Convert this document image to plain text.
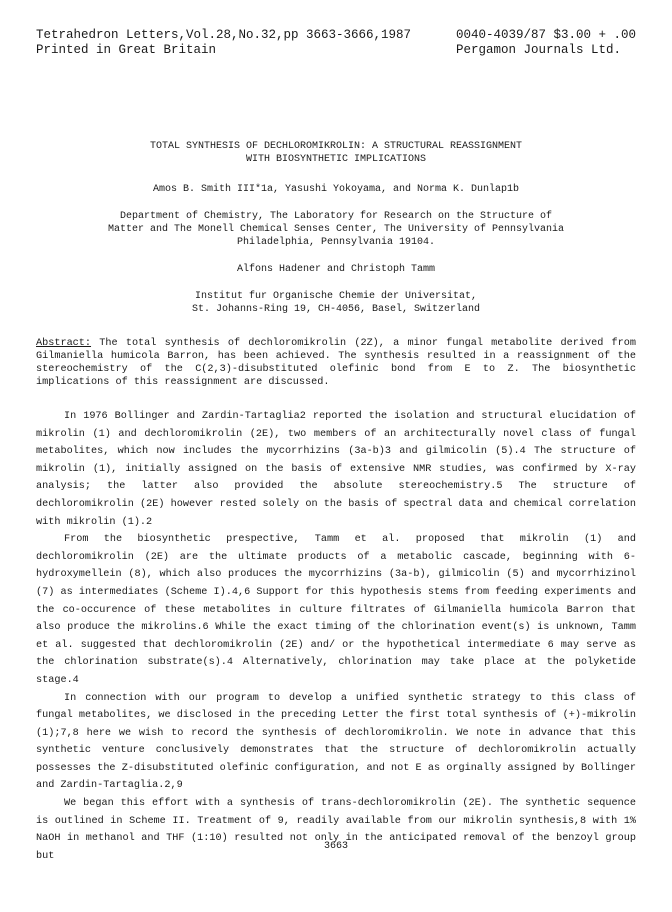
Tetrahedron Letters,Vol.28,No.32,pp 3663-3666,1987
Printed in Great Britain
0040-4039/87 $3.00 + .00
Pergamon Journals Ltd.
TOTAL SYNTHESIS OF DECHLOROMIKROLIN: A STRUCTURAL REASSIGNMENT
WITH BIOSYNTHETIC IMPLICATIONS
Amos B. Smith III*1a, Yasushi Yokoyama, and Norma K. Dunlap1b
Department of Chemistry, The Laboratory for Research on the Structure of
Matter and The Monell Chemical Senses Center, The University of Pennsylvania
Philadelphia, Pennsylvania 19104.
Alfons Hadener and Christoph Tamm
Institut fur Organische Chemie der Universitat,
St. Johanns-Ring 19, CH-4056, Basel, Switzerland
Abstract: The total synthesis of dechloromikrolin (2Z), a minor fungal metabolite derived from Gilmaniella humicola Barron, has been achieved. The synthesis resulted in a reassignment of the stereochemistry of the C(2,3)-disubstituted olefinic bond from E to Z. The biosynthetic implications of this reassignment are discussed.

In 1976 Bollinger and Zardin-Tartaglia2 reported the isolation and structural elucidation of mikrolin (1) and dechloromikrolin (2E), two members of an architecturally novel class of fungal metabolites, which now includes the mycorrhizins (3a-b)3 and gilmicolin (5).4 The structure of mikrolin (1), initially assigned on the basis of extensive NMR studies, was confirmed by X-ray analysis; the latter also provided the absolute stereochemistry.5 The structure of dechloromikrolin (2E) however rested solely on the basis of spectral data and chemical correlation with mikrolin (1).2

From the biosynthetic prespective, Tamm et al. proposed that mikrolin (1) and dechloromikrolin (2E) are the ultimate products of a metabolic cascade, beginning with 6-hydroxymellein (8), which also produces the mycorrhizins (3a-b), gilmicolin (5) and mycorrhizinol (7) as intermediates (Scheme I).4,6 Support for this hypothesis stems from feeding experiments and the co-occurence of these metabolites in culture filtrates of Gilmaniella humicola Barron that also produce the mikrolins.6 While the exact timing of the chlorination event(s) is unknown, Tamm et al. suggested that dechloromikrolin (2E) and/ or the hypothetical intermediate 6 may serve as the chlorination substrate(s).4 Alternatively, chlorination may take place at the polyketide stage.4

In connection with our program to develop a unified synthetic strategy to this class of fungal metabolites, we disclosed in the preceding Letter the first total synthesis of (+)-mikrolin (1);7,8 here we wish to record the synthesis of dechloromikrolin. We note in advance that this synthetic venture conclusively demonstrates that the structure of dechloromikrolin actually possesses the Z-disubstituted olefinic configuration, and not E as orginally assigned by Bollinger and Zardin-Tartaglia.2,9

We began this effort with a synthesis of trans-dechloromikrolin (2E). The synthetic sequence is outlined in Scheme II. Treatment of 9, readily available from our mikrolin synthesis,8 with 1% NaOH in methanol and THF (1:10) resulted not only in the anticipated removal of the benzoyl group but

3663
